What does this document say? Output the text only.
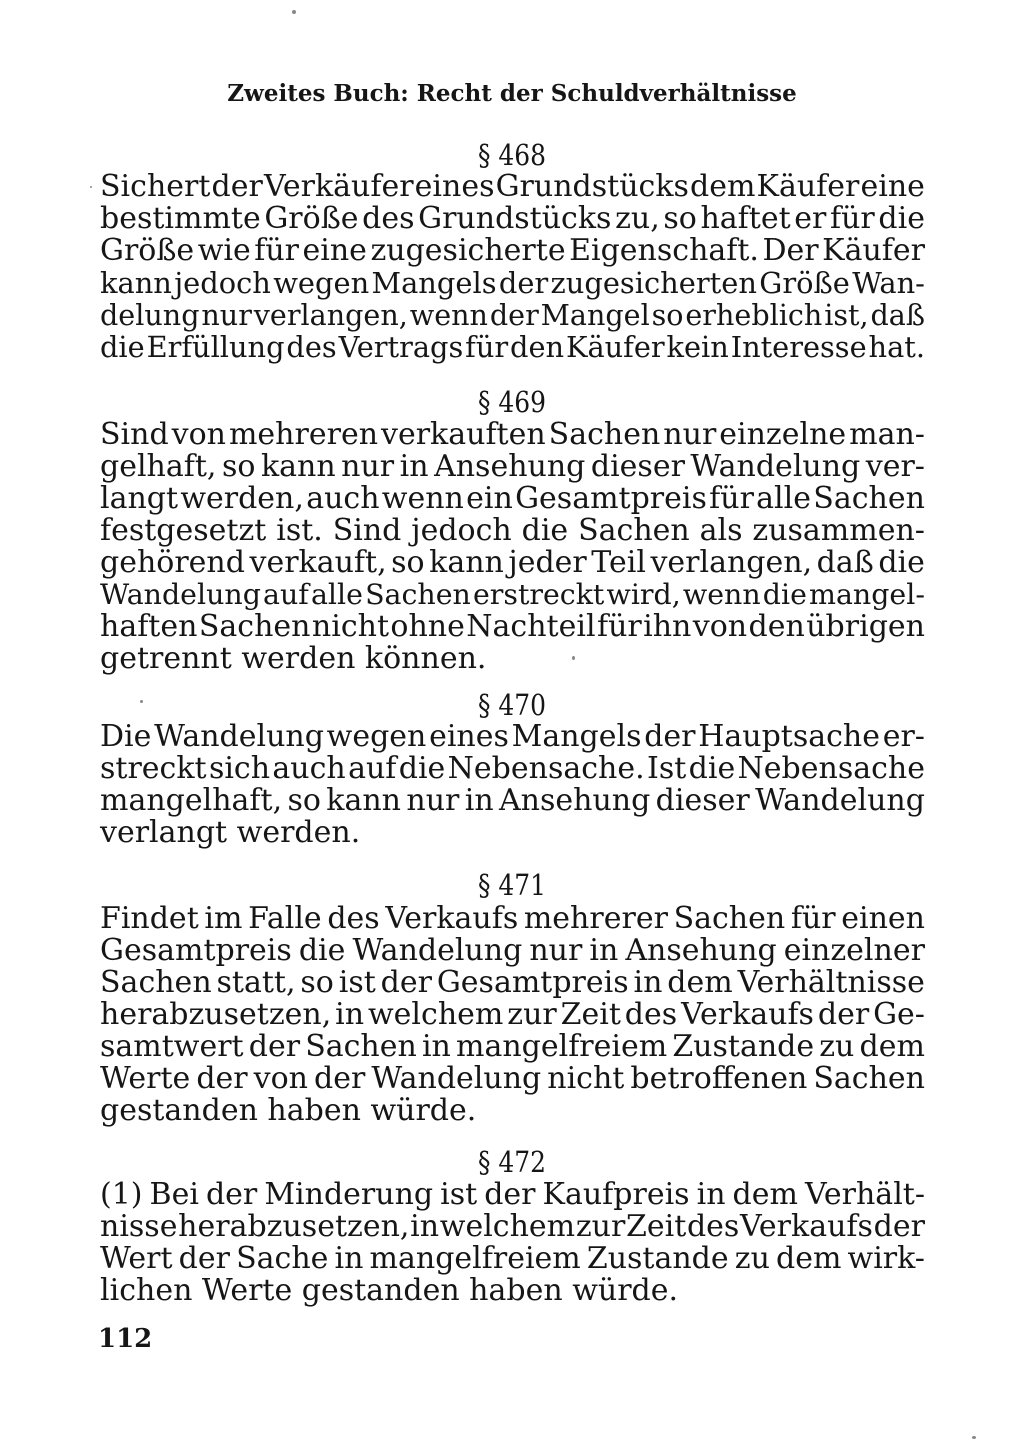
Zweites Buch: Recht der Schuldverhältnisse
§ 468
Sichert der Verkäufer eines Grundstücks dem Käufer eine
bestimmte Größe des Grundstücks zu, so haftet er für die
Größe wie für eine zugesicherte Eigenschaft. Der Käufer
kann jedoch wegen Mangels der zugesicherten Größe Wan-
delung nur verlangen, wenn der Mangel so erheblich ist, daß
die Erfüllung des Vertrags für den Käufer kein Interesse hat.
§ 469
Sind von mehreren verkauften Sachen nur einzelne man-
gelhaft, so kann nur in Ansehung dieser Wandelung ver-
langt werden, auch wenn ein Gesamtpreis für alle Sachen
festgesetzt ist. Sind jedoch die Sachen als zusammen-
gehörend verkauft, so kann jeder Teil verlangen, daß die
Wandelung auf alle Sachen erstreckt wird, wenn die mangel-
haften Sachen nicht ohne Nachteil für ihn von den übrigen
getrennt werden können.
§ 470
Die Wandelung wegen eines Mangels der Hauptsache er-
streckt sich auch auf die Nebensache. Ist die Nebensache
mangelhaft, so kann nur in Ansehung dieser Wandelung
verlangt werden.
§ 471
Findet im Falle des Verkaufs mehrerer Sachen für einen
Gesamtpreis die Wandelung nur in Ansehung einzelner
Sachen statt, so ist der Gesamtpreis in dem Verhältnisse
herabzusetzen, in welchem zur Zeit des Verkaufs der Ge-
samtwert der Sachen in mangelfreiem Zustande zu dem
Werte der von der Wandelung nicht betroffenen Sachen
gestanden haben würde.
§ 472
(1) Bei der Minderung ist der Kaufpreis in dem Verhält-
nisse herabzusetzen, in welchem zur Zeit des Verkaufs der
Wert der Sache in mangelfreiem Zustande zu dem wirk-
lichen Werte gestanden haben würde.
112
